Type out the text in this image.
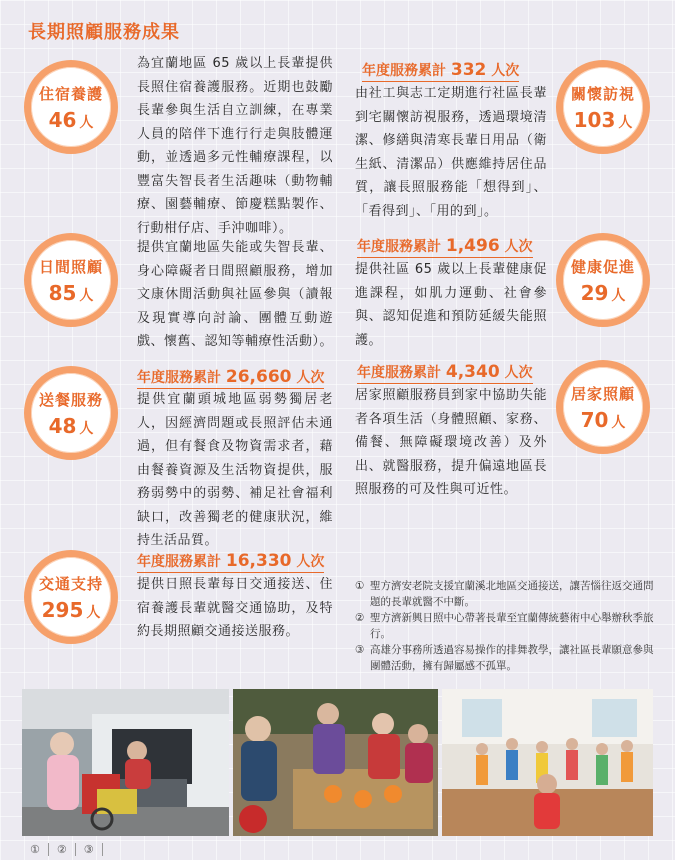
長期照顧服務成果
住宿養護
46 人
日間照顧
85 人
送餐服務
48 人
交通支持
295 人
關懷訪視
103 人
健康促進
29 人
居家照顧
70 人
為宜蘭地區 65 歲以上長輩提供長照住宿養護服務。近期也鼓勵長輩參與生活自立訓練，在專業人員的陪伴下進行行走與肢體運動，並透過多元性輔療課程，以豐富失智長者生活趣味（動物輔療、園藝輔療、節慶糕點製作、行動柑仔店、手沖咖啡）。
提供宜蘭地區失能或失智長輩、身心障礙者日間照顧服務，增加文康休閒活動與社區參與（讀報及現實導向討論、團體互動遊戲、懷舊、認知等輔療性活動）。
年度服務累計 26,660 人次
提供宜蘭頭城地區弱勢獨居老人，因經濟問題或長照評估未通過，但有餐食及物資需求者，藉由餐養資源及生活物資提供，服務弱勢中的弱勢、補足社會福利缺口，改善獨老的健康狀況，維持生活品質。
年度服務累計 16,330 人次
提供日照長輩每日交通接送、住宿養護長輩就醫交通協助，及特約長期照顧交通接送服務。
年度服務累計 332 人次
由社工與志工定期進行社區長輩到宅關懷訪視服務，透過環境清潔、修繕與清寒長輩日用品（衛生紙、清潔品）供應維持居住品質，讓長照服務能「想得到」、「看得到」、「用的到」。
年度服務累計 1,496 人次
提供社區 65 歲以上長輩健康促進課程，如肌力運動、社會參與、認知促進和預防延緩失能照護。
年度服務累計 4,340 人次
居家照顧服務員到家中協助失能者各項生活（身體照顧、家務、備餐、無障礙環境改善）及外出、就醫服務，提升偏遠地區長照服務的可及性與可近性。
① 聖方濟安老院支援宜蘭溪北地區交通接送，讓苦惱往返交通問題的長輩就醫不中斷。
② 聖方濟新興日照中心帶著長輩至宜蘭傳統藝術中心舉辦秋季旅行。
③ 高雄分事務所透過容易操作的排舞教學，讓社區長輩願意參與團體活動，擁有歸屬感不孤單。
①	②	③
